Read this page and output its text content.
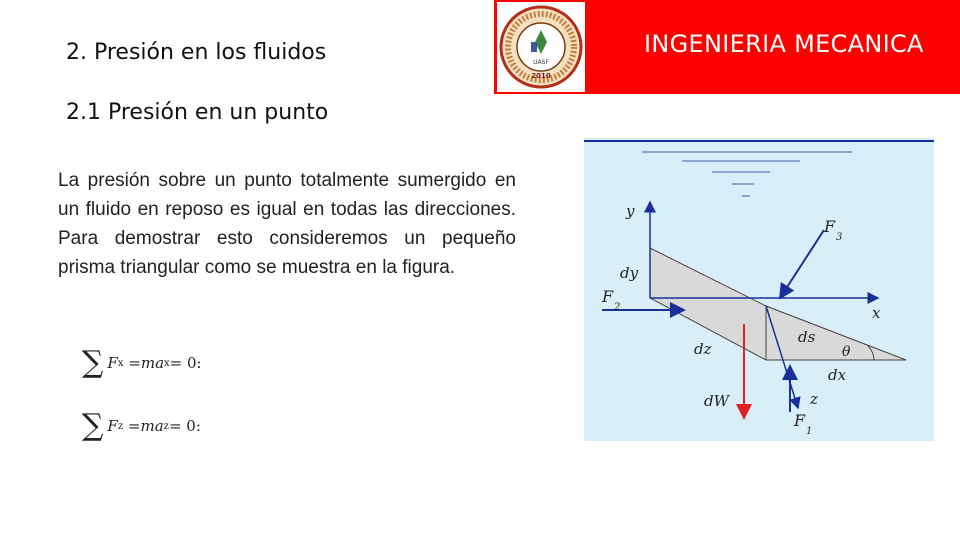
2. Presión en los fluidos
2.1 Presión en un punto
La presión sobre un punto totalmente sumergido en un fluido en reposo es igual en todas las direcciones. Para demostrar esto consideremos un pequeño prisma triangular como se muestra en la figura.
∑ F x
= ma x = 0:
∑ F z
= ma z = 0:
UASF
2010
INGENIERIA MECANICA
y
x
z
F
3
F
2
F
1
dy
dz
ds
dx
dW
θ
